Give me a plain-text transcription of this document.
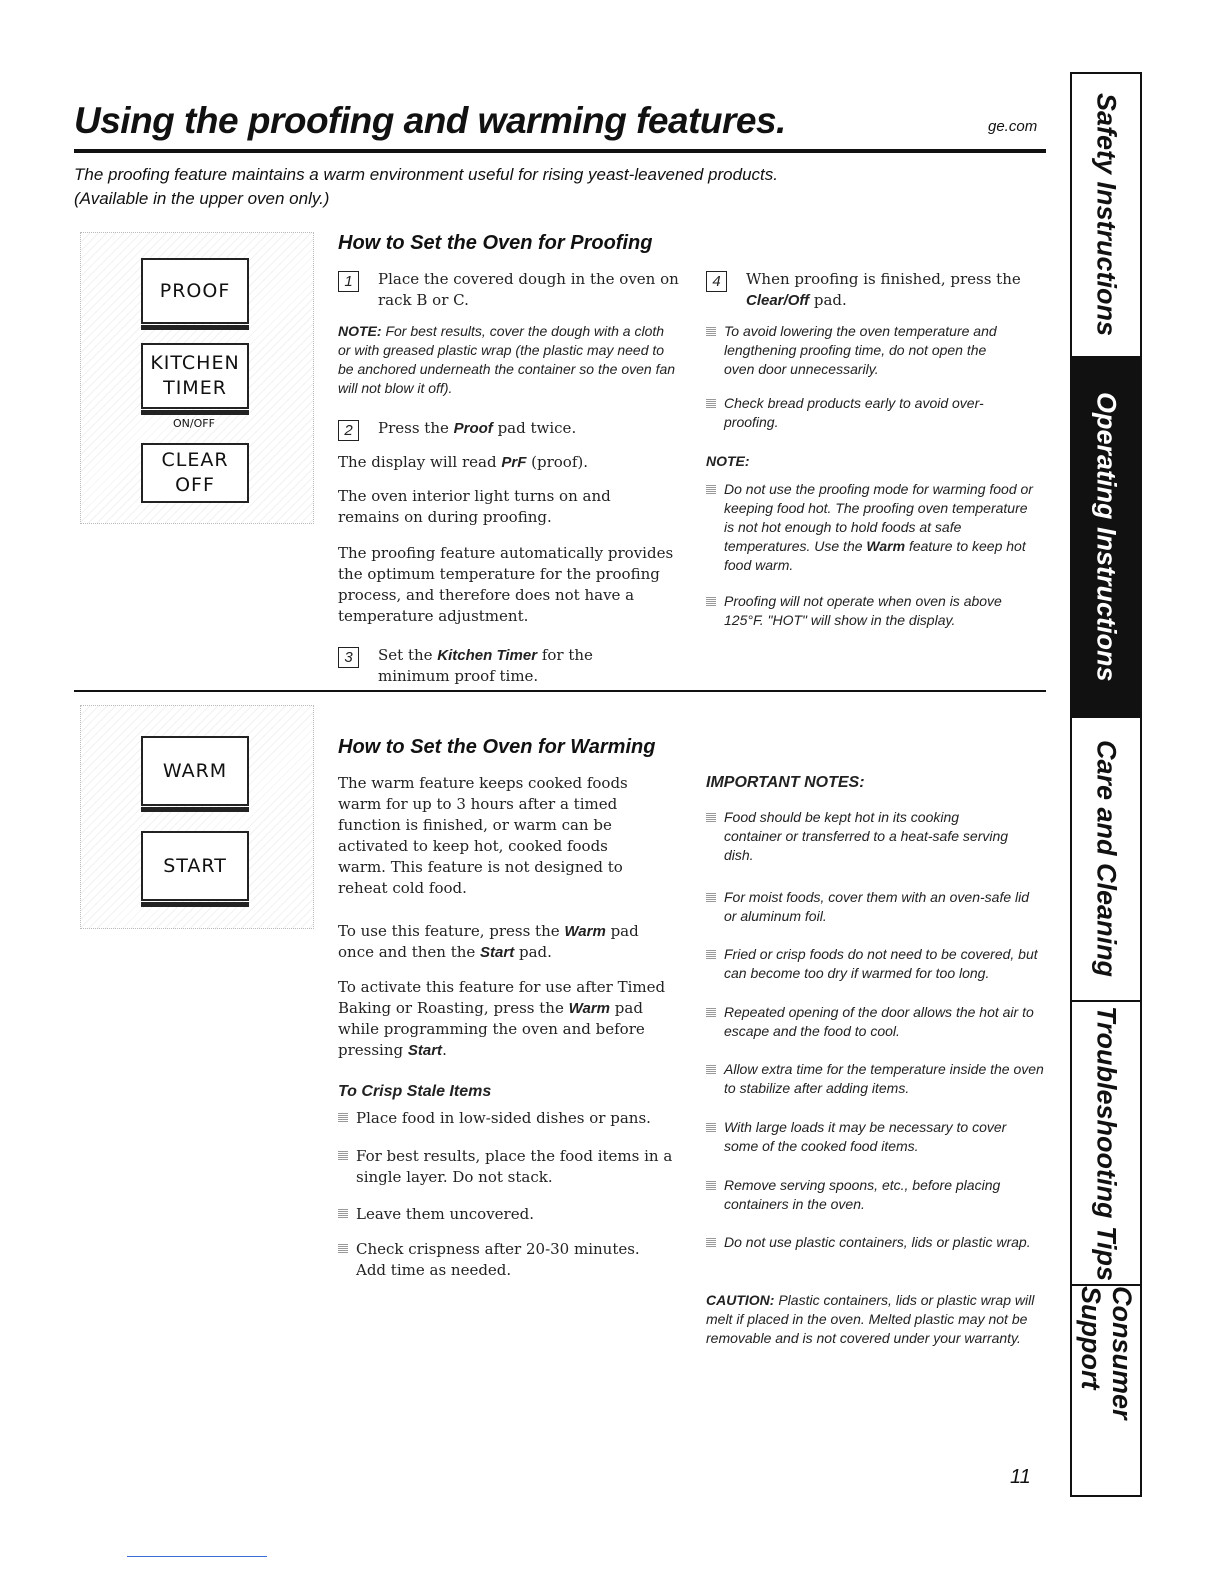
Using the proofing and warming features.	ge.com
The proofing feature maintains a warm environment useful for rising yeast-leavened products.
(Available in the upper oven only.)
PROOF
KITCHEN
TIMER
ON/OFF
CLEAR
OFF
How to Set the Oven for Proofing
1	Place the covered dough in the oven on rack B or C.
NOTE: For best results, cover the dough with a cloth or with greased plastic wrap (the plastic may need to be anchored underneath the container so the oven fan will not blow it off).
2	Press the Proof pad twice.
The display will read PrF (proof).
The oven interior light turns on and remains on during proofing.
The proofing feature automatically provides the optimum temperature for the proofing process, and therefore does not have a temperature adjustment.
3	Set the Kitchen Timer for the minimum proof time.
4	When proofing is finished, press the Clear/Off pad.
To avoid lowering the oven temperature and lengthening proofing time, do not open the oven door unnecessarily.
Check bread products early to avoid over-proofing.
NOTE:
Do not use the proofing mode for warming food or keeping food hot. The proofing oven temperature is not hot enough to hold foods at safe temperatures. Use the Warm feature to keep hot food warm.
Proofing will not operate when oven is above 125°F. "HOT" will show in the display.
WARM
START
How to Set the Oven for Warming
The warm feature keeps cooked foods warm for up to 3 hours after a timed function is finished, or warm can be activated to keep hot, cooked foods warm. This feature is not designed to reheat cold food.
To use this feature, press the Warm pad once and then the Start pad.
To activate this feature for use after Timed Baking or Roasting, press the Warm pad while programming the oven and before pressing Start.
To Crisp Stale Items
Place food in low-sided dishes or pans.
For best results, place the food items in a single layer. Do not stack.
Leave them uncovered.
Check crispness after 20-30 minutes. Add time as needed.
IMPORTANT NOTES:
Food should be kept hot in its cooking container or transferred to a heat-safe serving dish.
For moist foods, cover them with an oven-safe lid or aluminum foil.
Fried or crisp foods do not need to be covered, but can become too dry if warmed for too long.
Repeated opening of the door allows the hot air to escape and the food to cool.
Allow extra time for the temperature inside the oven to stabilize after adding items.
With large loads it may be necessary to cover some of the cooked food items.
Remove serving spoons, etc., before placing containers in the oven.
Do not use plastic containers, lids or plastic wrap.
CAUTION: Plastic containers, lids or plastic wrap will melt if placed in the oven. Melted plastic may not be removable and is not covered under your warranty.
Safety Instructions
Operating Instructions
Care and Cleaning
Troubleshooting Tips
Consumer Support
11
